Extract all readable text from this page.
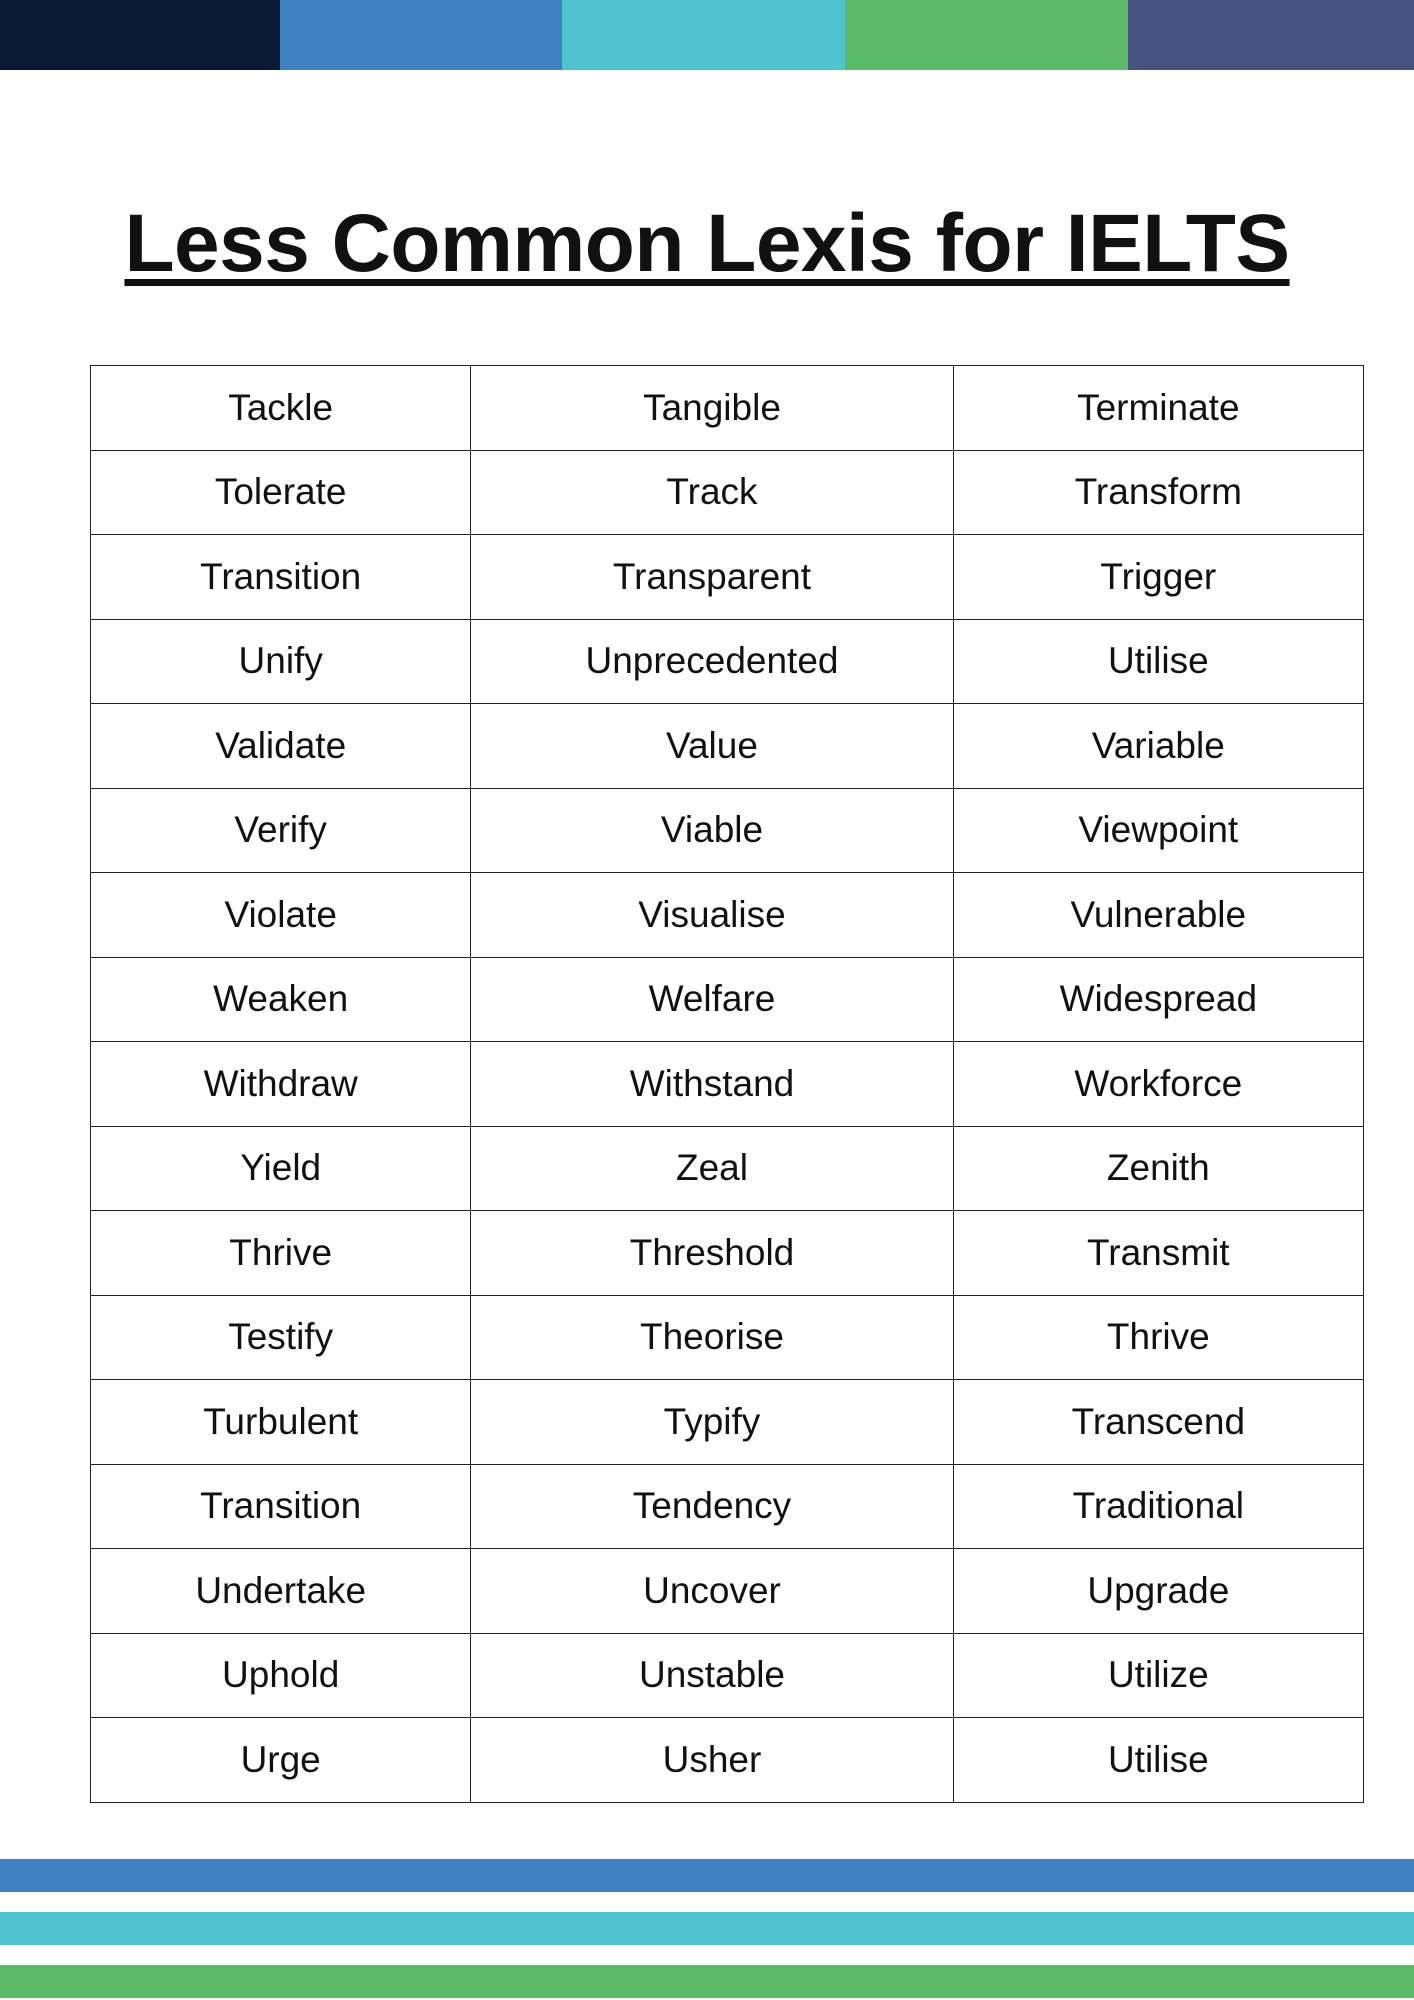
Less Common Lexis for IELTS
Tackle	Tangible	Terminate
Tolerate	Track	Transform
Transition	Transparent	Trigger
Unify	Unprecedented	Utilise
Validate	Value	Variable
Verify	Viable	Viewpoint
Violate	Visualise	Vulnerable
Weaken	Welfare	Widespread
Withdraw	Withstand	Workforce
Yield	Zeal	Zenith
Thrive	Threshold	Transmit
Testify	Theorise	Thrive
Turbulent	Typify	Transcend
Transition	Tendency	Traditional
Undertake	Uncover	Upgrade
Uphold	Unstable	Utilize
Urge	Usher	Utilise
